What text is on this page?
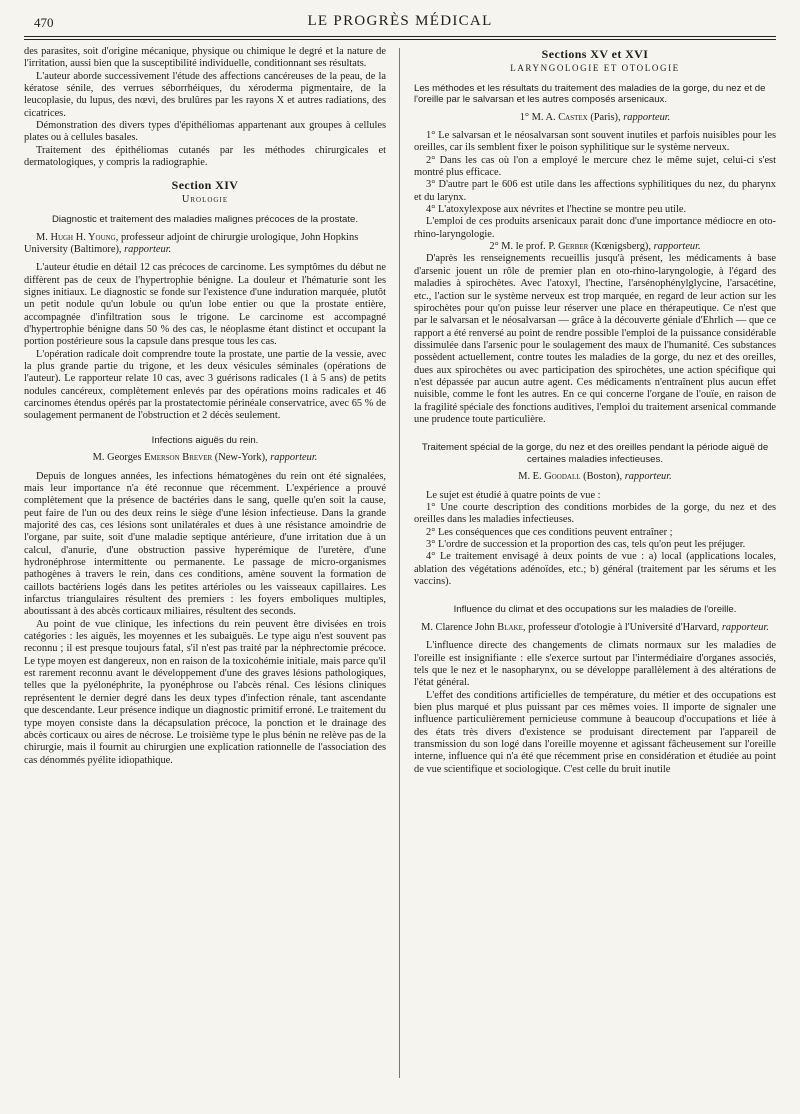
470	LE PROGRÈS MÉDICAL

des parasites, soit d'origine mécanique, physique ou chimique le degré et la nature de l'irritation, aussi bien que la susceptibilité individuelle, conditionnant ses résultats.

L'auteur aborde successivement l'étude des affections cancéreuses de la peau, de la kératose sénile, des verrues séborrhéiques, du xéroderma pigmentaire, de la leucoplasie, du lupus, des nœvi, des brulûres par les rayons X et autres radiations, des cicatrices.

Démonstration des divers types d'épithéliomas appartenant aux groupes à cellules plates ou à cellules basales.

Traitement des épithéliomas cutanés par les méthodes chirurgicales et dermatologiques, y compris la radiographie.

Section XIV
Urologie
Diagnostic et traitement des maladies malignes précoces de la prostate.
M. Hugh H. Young, professeur adjoint de chirurgie urologique, John Hopkins University (Baltimore), rapporteur.

L'auteur étudie en détail 12 cas précoces de carcinome. Les symptômes du début ne diffèrent pas de ceux de l'hypertrophie bénigne. La douleur et l'hématurie sont les signes initiaux. Le diagnostic se fonde sur l'existence d'une induration marquée, plutôt un petit nodule qu'un lobule ou qu'un lobe entier ou que la prostate entière, accompagnée d'infiltration sous le trigone. Le carcinome est accompagné d'hypertrophie bénigne dans 50 % des cas, le néoplasme étant distinct et occupant la portion postérieure sous la capsule dans presque tous les cas.

L'opération radicale doit comprendre toute la prostate, une partie de la vessie, avec la plus grande partie du trigone, et les deux vésicules séminales (opérations de l'auteur). Le rapporteur relate 10 cas, avec 3 guérisons radicales (1 à 5 ans) de petits nodules cancéreux, complètement enlevés par des opérations moins radicales et 46 carcinomes étendus opérés par la prostatectomie périnéale conservatrice, avec 65 % de soulagement permanent de l'obstruction et 2 décès seulement.

Infections aiguës du rein.
M. Georges Emerson Brever (New-York), rapporteur.

Depuis de longues années, les infections hématogènes du rein ont été signalées, mais leur importance n'a été reconnue que récemment. L'expérience a prouvé complètement que la présence de bactéries dans le sang, quelle qu'en soit la cause, peut faire de l'un ou des deux reins le siège d'une lésion infectieuse. Dans la grande majorité des cas, ces lésions sont unilatérales et dues à une résistance amoindrie de l'organe, par suite, soit d'une maladie septique antérieure, d'une irritation due à un calcul, d'anurie, d'une obstruction passive hyperémique de l'uretère, d'une hydronéphrose intermittente ou permanente. Le passage de micro-organismes pathogènes à travers le rein, dans ces conditions, amène souvent la formation de caillots bactériens logés dans les petites artérioles ou les vaisseaux capillaires. Les infarctus triangulaires résultent des premiers : les foyers emboliques multiples, aboutissant à des abcès corticaux miliaires, résultent des seconds.

Au point de vue clinique, les infections du rein peuvent être divisées en trois catégories : les aiguës, les moyennes et les subaiguës. Le type aigu n'est souvent pas reconnu ; il est presque toujours fatal, s'il n'est pas traité par la néphrectomie précoce. Le type moyen est dangereux, non en raison de la toxicohémie initiale, mais parce qu'il est rarement reconnu avant le développement d'une des graves lésions pathologiques, telles que la pyélonéphrite, la pyonéphrose ou l'abcès rénal. Ces lésions cliniques représentent le dernier degré dans les deux types d'infection rénale, tant ascendante que descendante. Leur présence indique un diagnostic primitif erroné. Le traitement du type moyen consiste dans la décapsulation précoce, la ponction et le drainage des abcès corticaux ou aires de nécrose. Le troisième type le plus bénin ne relève pas de la chirurgie, mais il fournit au chirurgien une explication rationnelle de l'association des cas dénommés pyélite idiopathique.

Sections XV et XVI
LARYNGOLOGIE ET OTOLOGIE
Les méthodes et les résultats du traitement des maladies de la gorge, du nez et de l'oreille par le salvarsan et les autres composés arsenicaux.
1° M. A. Castex (Paris), rapporteur.

1° Le salvarsan et le néosalvarsan sont souvent inutiles et parfois nuisibles pour les oreilles, car ils semblent fixer le poison syphilitique sur le système nerveux.

2° Dans les cas où l'on a employé le mercure chez le même sujet, celui-ci s'est montré plus efficace.

3° D'autre part le 606 est utile dans les affections syphilitiques du nez, du pharynx et du larynx.

4° L'atoxylexpose aux névrites et l'hectine se montre peu utile.

L'emploi de ces produits arsenicaux parait donc d'une importance médiocre en oto-rhino-laryngologie.

2° M. le prof. P. Gerber (Kœnigsberg), rapporteur.

D'après les renseignements recueillis jusqu'à présent, les médicaments à base d'arsenic jouent un rôle de premier plan en oto-rhino-laryngologie, à l'égard des maladies à spirochètes. Avec l'atoxyl, l'hectine, l'arsénophénylglycine, l'arsacétine, etc., l'action sur le système nerveux est trop marquée, en regard de leur action sur les spirochètes pour qu'on puisse leur réserver une place en thérapeutique. Ce n'est que par le salvarsan et le néosalvarsan — grâce à la découverte géniale d'Ehrlich — que ce rapport a été renversé au point de rendre possible l'emploi de la puissance considérable dissimulée dans l'arsenic pour le soulagement des maux de l'humanité. Ces substances possèdent actuellement, contre toutes les maladies de la gorge, du nez et des oreilles, dues aux spirochètes ou avec participation des spirochètes, une action spécifique qui n'est dépassée par aucun autre agent. Ces médicaments n'entraînent plus aucun effet nuisible, comme le font les autres. En ce qui concerne l'organe de l'ouïe, en raison de la fragilité spéciale des fonctions auditives, l'emploi du traitement arsenical commande une prudence toute particulière.

Traitement spécial de la gorge, du nez et des oreilles pendant la période aiguë de certaines maladies infectieuses.
M. E. Goodall (Boston), rapporteur.

Le sujet est étudié à quatre points de vue :

1° Une courte description des conditions morbides de la gorge, du nez et des oreilles dans les maladies infectieuses.

2° Les conséquences que ces conditions peuvent entraîner ;

3° L'ordre de succession et la proportion des cas, tels qu'on peut les préjuger.

4° Le traitement envisagé à deux points de vue : a) local (applications locales, ablation des végétations adénoïdes, etc.; b) général (traitement par les sérums et les vaccins).

Influence du climat et des occupations sur les maladies de l'oreille.
M. Clarence John Blake, professeur d'otologie à l'Université d'Harvard, rapporteur.

L'influence directe des changements de climats normaux sur les maladies de l'oreille est insignifiante : elle s'exerce surtout par l'intermédiaire d'organes associés, tels que le nez et le nasopharynx, ou se développe parallèlement à des altérations de l'état général.

L'effet des conditions artificielles de température, du métier et des occupations est bien plus marqué et plus puissant par ces mêmes voies. Il importe de signaler une influence particulièrement pernicieuse commune à beaucoup d'occupations et liée à des états très divers d'existence se produisant directement par l'appareil de transmission du son logé dans l'oreille moyenne et agissant fâcheusement sur l'oreille interne, influence qui n'a été que récemment prise en considération et étudiée au point de vue scientifique et sociologique. C'est celle du bruit inutile
